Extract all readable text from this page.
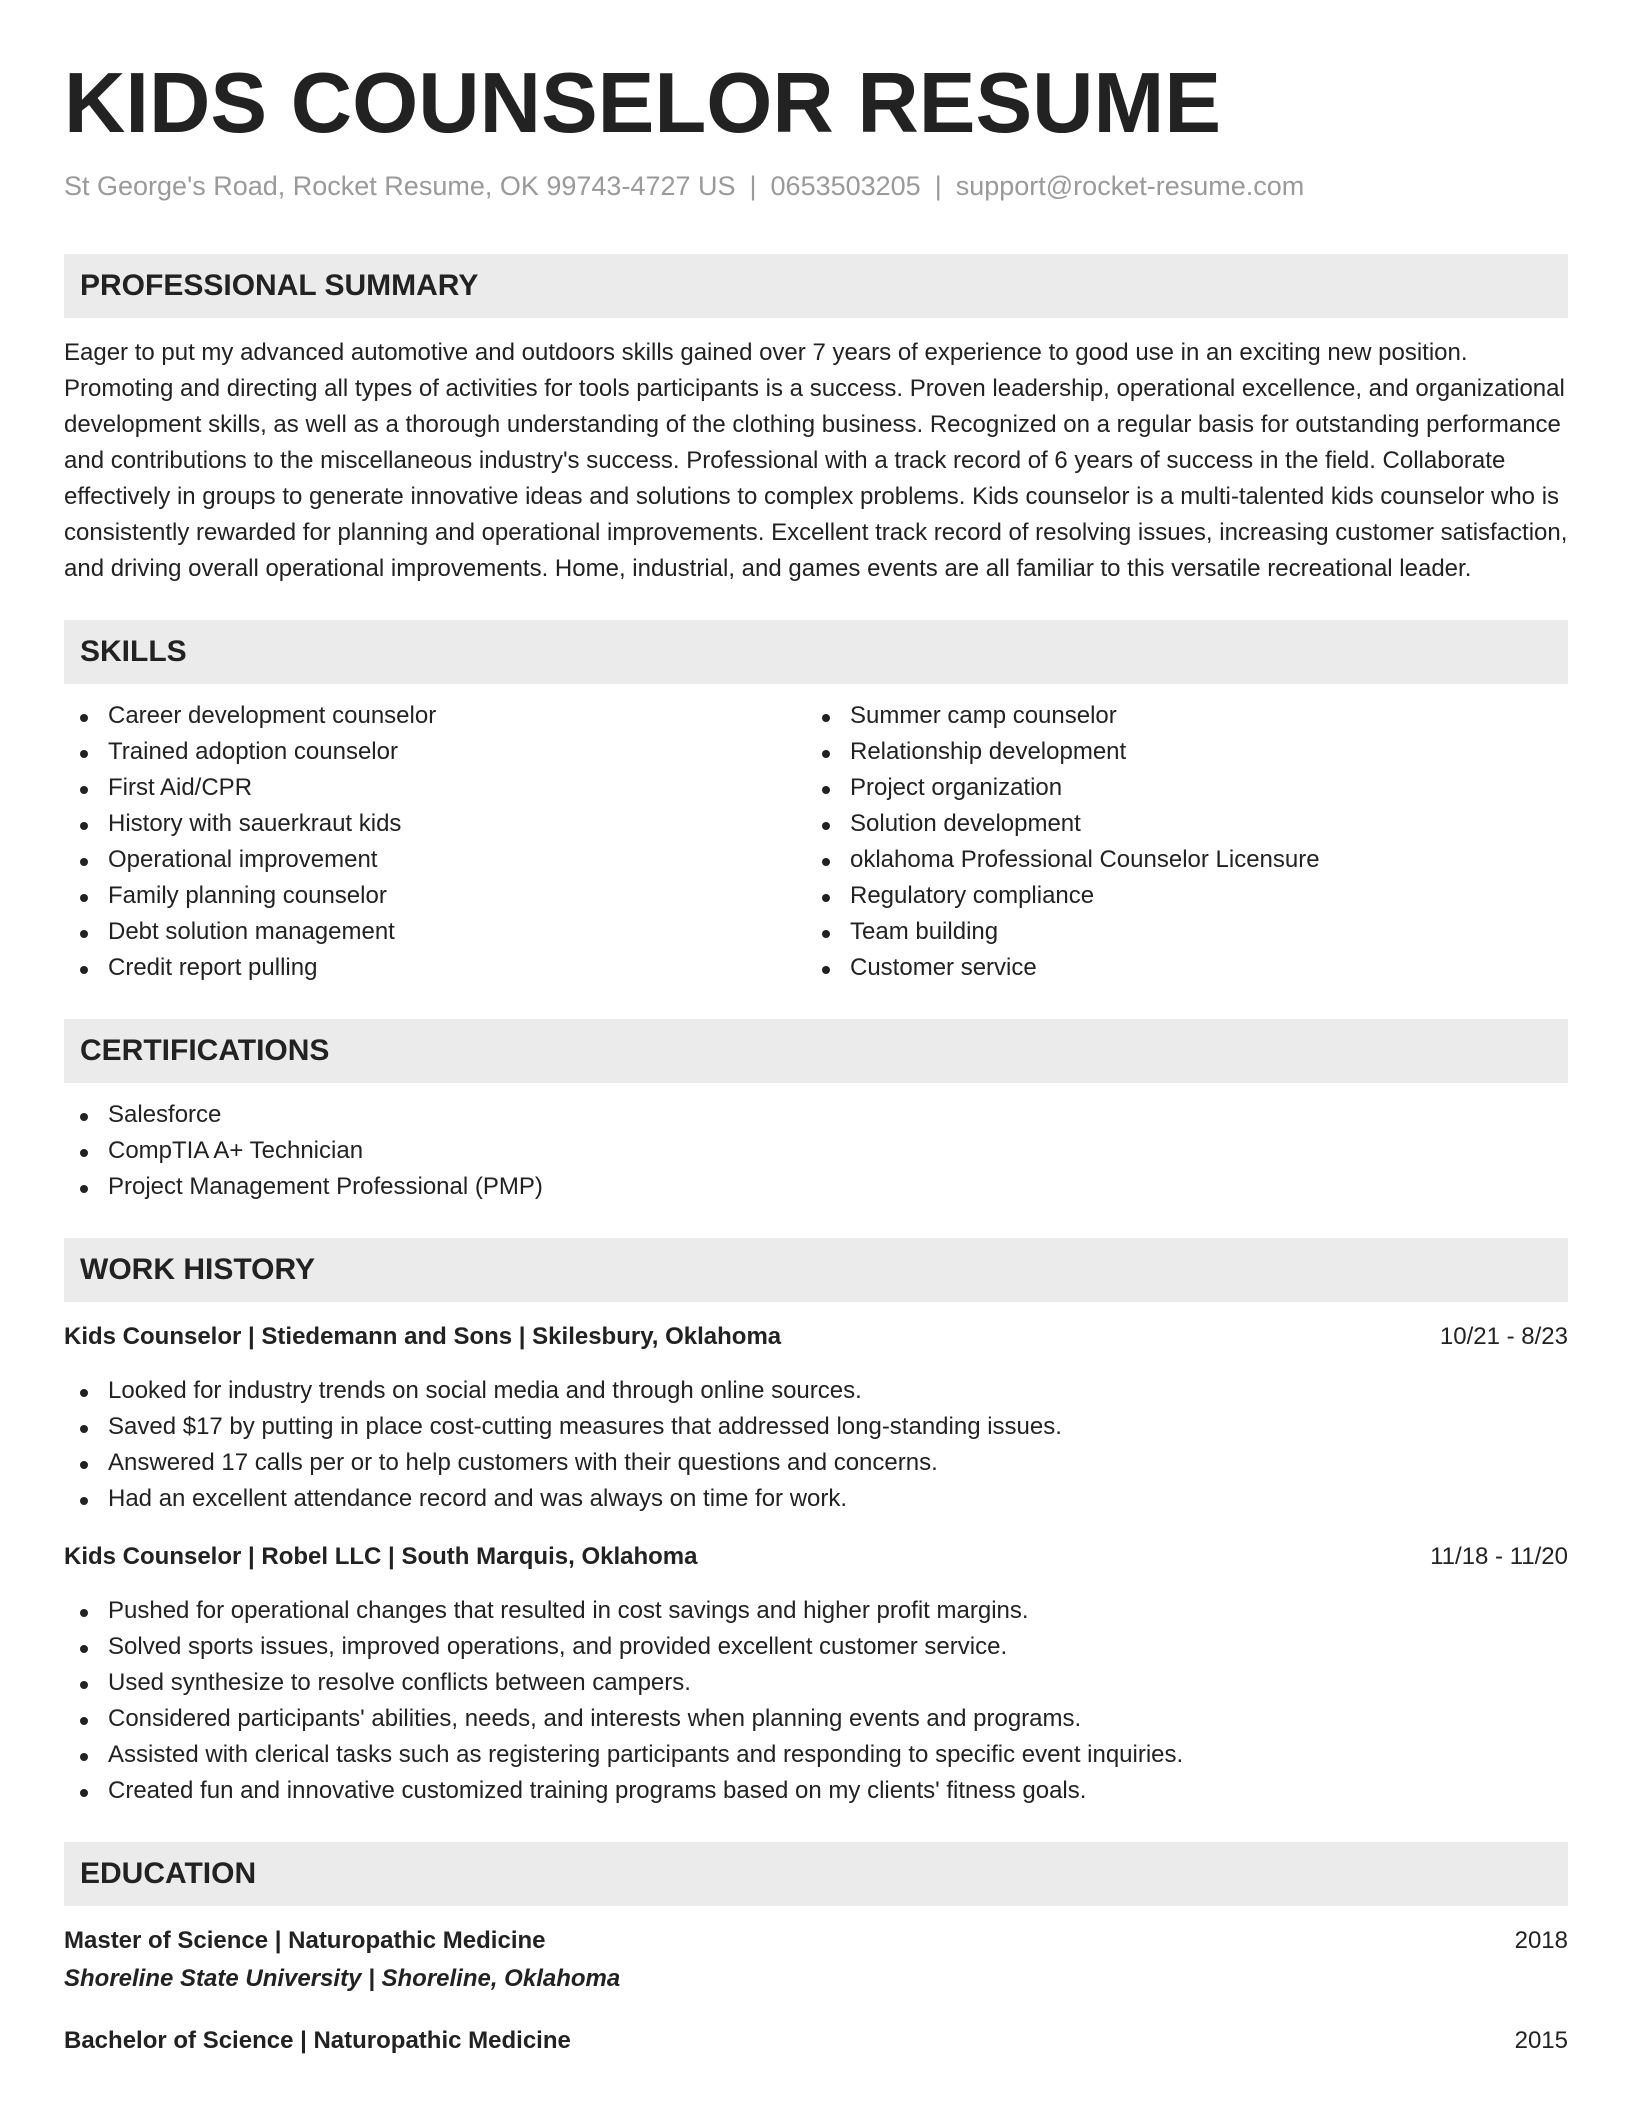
KIDS COUNSELOR RESUME
St George's Road, Rocket Resume, OK 99743-4727 US | 0653503205 | support@rocket-resume.com
PROFESSIONAL SUMMARY

Eager to put my advanced automotive and outdoors skills gained over 7 years of experience to good use in an exciting new position. Promoting and directing all types of activities for tools participants is a success. Proven leadership, operational excellence, and organizational development skills, as well as a thorough understanding of the clothing business. Recognized on a regular basis for outstanding performance and contributions to the miscellaneous industry's success. Professional with a track record of 6 years of success in the field. Collaborate effectively in groups to generate innovative ideas and solutions to complex problems. Kids counselor is a multi-talented kids counselor who is consistently rewarded for planning and operational improvements. Excellent track record of resolving issues, increasing customer satisfaction, and driving overall operational improvements. Home, industrial, and games events are all familiar to this versatile recreational leader.

SKILLS
Career development counselor
Trained adoption counselor
First Aid/CPR
History with sauerkraut kids
Operational improvement
Family planning counselor
Debt solution management
Credit report pulling
Summer camp counselor
Relationship development
Project organization
Solution development
oklahoma Professional Counselor Licensure
Regulatory compliance
Team building
Customer service
CERTIFICATIONS
Salesforce
CompTIA A+ Technician
Project Management Professional (PMP)
WORK HISTORY
Kids Counselor | Stiedemann and Sons | Skilesbury, Oklahoma	10/21 - 8/23
Looked for industry trends on social media and through online sources.
Saved $17 by putting in place cost-cutting measures that addressed long-standing issues.
Answered 17 calls per or to help customers with their questions and concerns.
Had an excellent attendance record and was always on time for work.
Kids Counselor | Robel LLC | South Marquis, Oklahoma	11/18 - 11/20
Pushed for operational changes that resulted in cost savings and higher profit margins.
Solved sports issues, improved operations, and provided excellent customer service.
Used synthesize to resolve conflicts between campers.
Considered participants' abilities, needs, and interests when planning events and programs.
Assisted with clerical tasks such as registering participants and responding to specific event inquiries.
Created fun and innovative customized training programs based on my clients' fitness goals.
EDUCATION
Master of Science | Naturopathic Medicine	2018
Shoreline State University | Shoreline, Oklahoma
Bachelor of Science | Naturopathic Medicine	2015
